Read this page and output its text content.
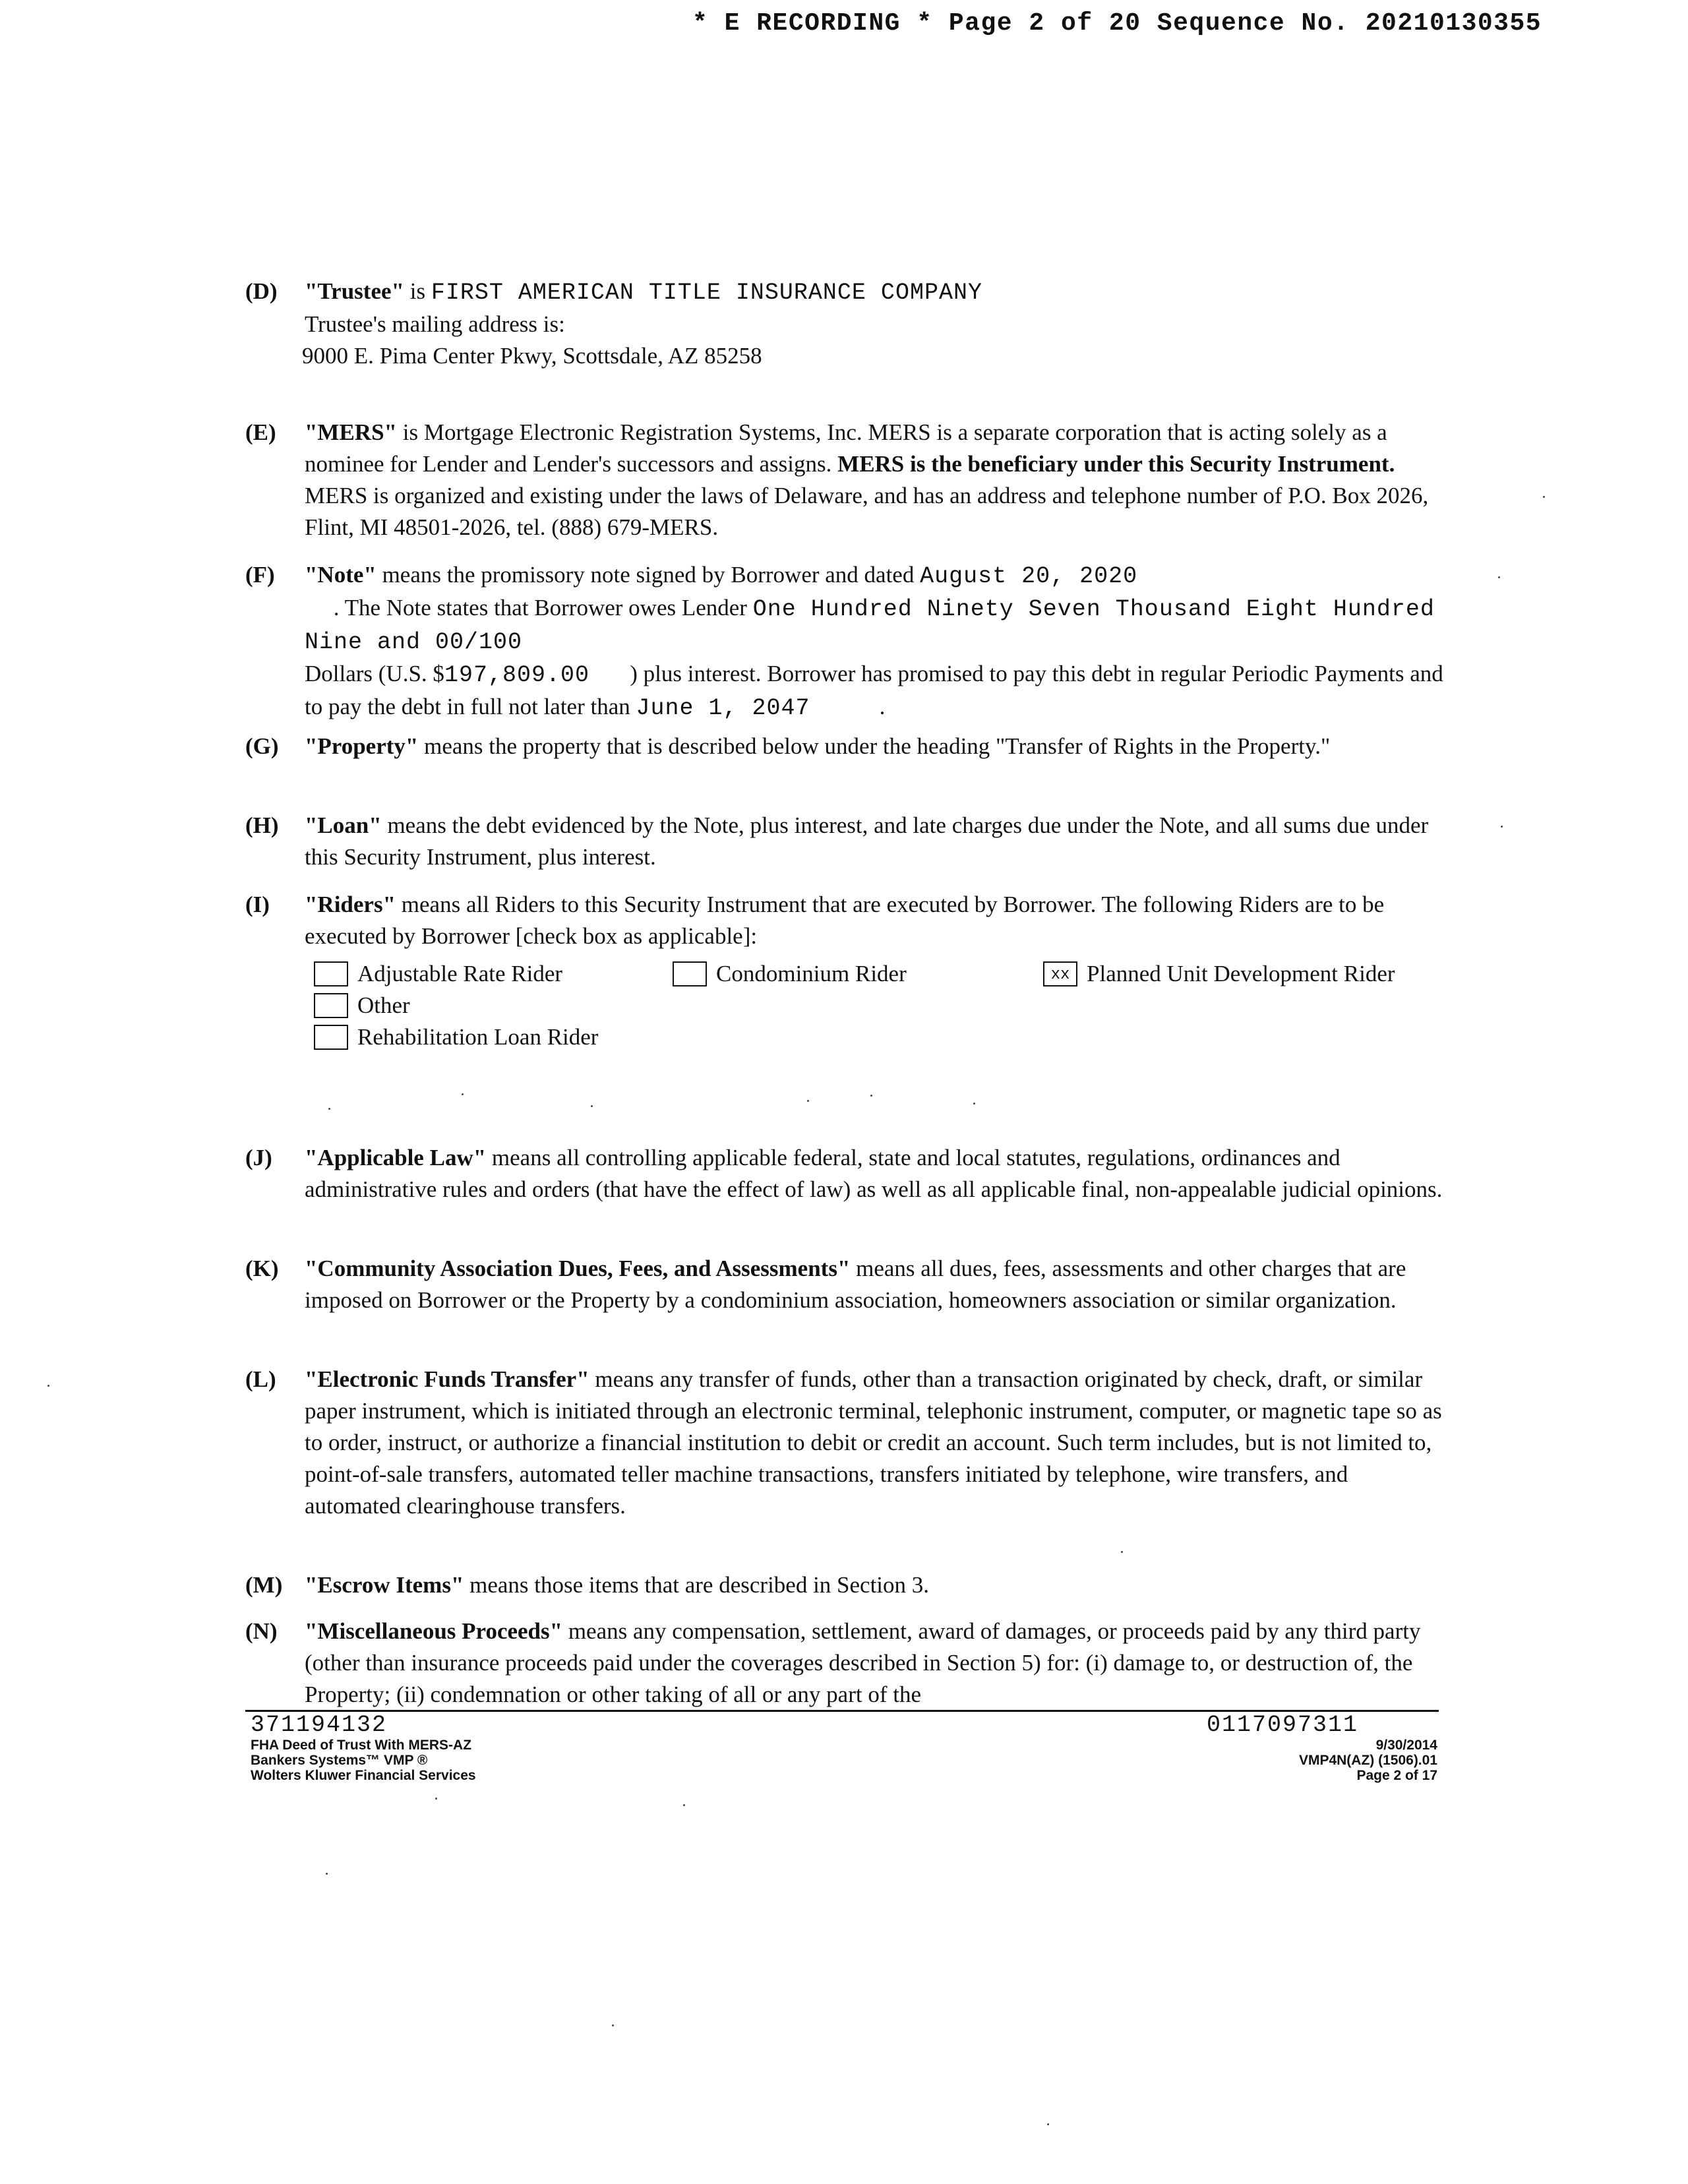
* E RECORDING * Page 2 of 20 Sequence No. 20210130355
(D)	"Trustee" is FIRST AMERICAN TITLE INSURANCE COMPANY
Trustee's mailing address is:
9000 E. Pima Center Pkwy, Scottsdale, AZ 85258
(E)	"MERS" is Mortgage Electronic Registration Systems, Inc. MERS is a separate corporation that is acting solely as a nominee for Lender and Lender's successors and assigns. MERS is the beneficiary under this Security Instrument. MERS is organized and existing under the laws of Delaware, and has an address and telephone number of P.O. Box 2026, Flint, MI 48501-2026, tel. (888) 679-MERS.
(F)	"Note" means the promissory note signed by Borrower and dated August 20, 2020     . The Note states that Borrower owes Lender One Hundred Ninety Seven Thousand Eight Hundred Nine and 00/100
Dollars (U.S. $197,809.00       ) plus interest. Borrower has promised to pay this debt in regular Periodic Payments and to pay the debt in full not later than June 1, 2047            .
(G)	"Property" means the property that is described below under the heading "Transfer of Rights in the Property."
(H)	"Loan" means the debt evidenced by the Note, plus interest, and late charges due under the Note, and all sums due under this Security Instrument, plus interest.
(I)	"Riders" means all Riders to this Security Instrument that are executed by Borrower. The following Riders are to be executed by Borrower [check box as applicable]:
Adjustable Rate Rider	Condominium Rider	xx Planned Unit Development Rider
Other
Rehabilitation Loan Rider
(J)	"Applicable Law" means all controlling applicable federal, state and local statutes, regulations, ordinances and administrative rules and orders (that have the effect of law) as well as all applicable final, non-appealable judicial opinions.
(K)	"Community Association Dues, Fees, and Assessments" means all dues, fees, assessments and other charges that are imposed on Borrower or the Property by a condominium association, homeowners association or similar organization.
(L)	"Electronic Funds Transfer" means any transfer of funds, other than a transaction originated by check, draft, or similar paper instrument, which is initiated through an electronic terminal, telephonic instrument, computer, or magnetic tape so as to order, instruct, or authorize a financial institution to debit or credit an account. Such term includes, but is not limited to, point-of-sale transfers, automated teller machine transactions, transfers initiated by telephone, wire transfers, and automated clearinghouse transfers.
(M) "Escrow Items" means those items that are described in Section 3.
(N)	"Miscellaneous Proceeds" means any compensation, settlement, award of damages, or proceeds paid by any third party (other than insurance proceeds paid under the coverages described in Section 5) for: (i) damage to, or destruction of, the Property; (ii) condemnation or other taking of all or any part of the
371194132
FHA Deed of Trust With MERS-AZ
Bankers Systems™ VMP ®
Wolters Kluwer Financial Services
0117097311
9/30/2014
VMP4N(AZ) (1506).01
Page 2 of 17
